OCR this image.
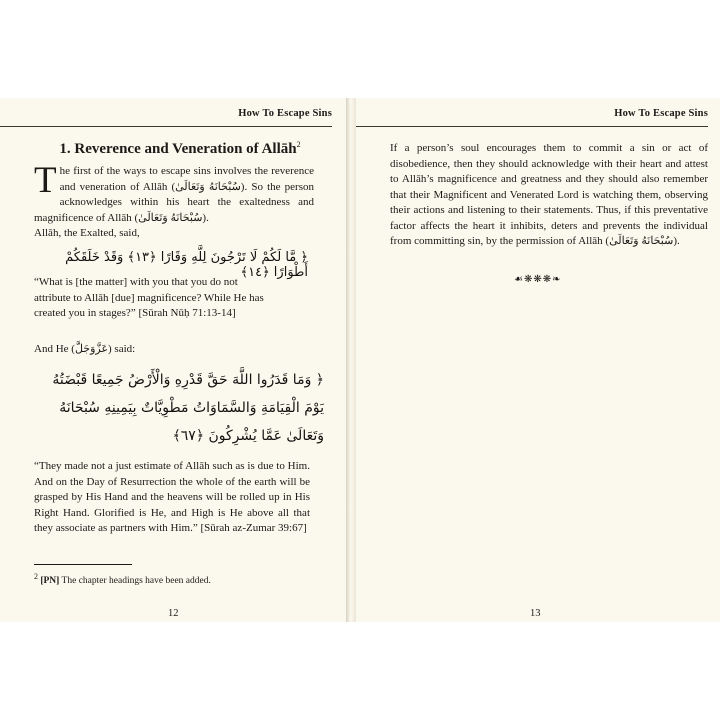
How To Escape Sins
1. Reverence and Veneration of Allāh$^2$
The first of the ways to escape sins involves the reverence and veneration of Allāh (سُبْحَانَهُ وَتَعَالَىٰ). So the person acknowledges within his heart the exaltedness and magnificence of Allāh (سُبْحَانَهُ وَتَعَالَىٰ).
Allāh, the Exalted, said,
﴿ مَّا لَكُمْ لَا تَرْجُونَ لِلَّهِ وَقَارًا ﴿١٣﴾ وَقَدْ خَلَقَكُمْ أَطْوَارًا ﴿١٤﴾
“What is [the matter] with you that you do not attribute to Allāh [due] magnificence? While He has created you in stages?” [Sūrah Nūḥ 71:13-14]
And He (عَزَّوَجَلَّ) said:
﴿ وَمَا قَدَرُوا اللَّهَ حَقَّ قَدْرِهِ وَالْأَرْضُ جَمِيعًا قَبْضَتُهُ يَوْمَ الْقِيَامَةِ وَالسَّمَاوَاتُ مَطْوِيَّاتٌ بِيَمِينِهِ سُبْحَانَهُ وَتَعَالَىٰ عَمَّا يُشْرِكُونَ ﴿٦٧﴾
“They made not a just estimate of Allāh such as is due to Him. And on the Day of Resurrection the whole of the earth will be grasped by His Hand and the heavens will be rolled up in His Right Hand. Glorified is He, and High is He above all that they associate as partners with Him.” [Sūrah az-Zumar 39:67]
$^2$ [PN] The chapter headings have been added.
12
How To Escape Sins
If a person’s soul encourages them to commit a sin or act of disobedience, then they should acknowledge with their heart and attest to Allāh’s magnificence and greatness and they should also remember that their Magnificent and Venerated Lord is watching them, observing their actions and listening to their statements. Thus, if this preventative factor affects the heart it inhibits, deters and prevents the individual from committing sin, by the permission of Allāh (سُبْحَانَهُ وَتَعَالَىٰ).
☙❋❋❋❧
13
